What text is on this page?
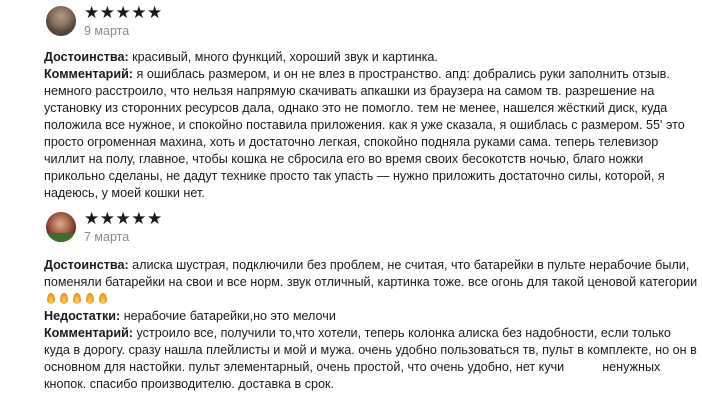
★★★★★
9 марта

Достоинства: красивый, много функций, хороший звук и картинка.

Комментарий: я ошиблась размером, и он не влез в пространство. апд: добрались руки заполнить отзыв. немного расстроило, что нельзя напрямую скачивать апкашки из браузера на самом тв. разрешение на установку из сторонних ресурсов дала, однако это не помогло. тем не менее, нашелся жёсткий диск, куда положила все нужное, и спокойно поставила приложения. как я уже сказала, я ошиблась с размером. 55' это просто огроменная махина, хоть и достаточно легкая, спокойно подняла руками сама. теперь телевизор чиллит на полу, главное, чтобы кошка не сбросила его во время своих бесокотств ночью, благо ножки прикольно сделаны, не дадут технике просто так упасть — нужно приложить достаточно силы, которой, я надеюсь, у моей кошки нет.

★★★★★
7 марта

Достоинства: алиска шустрая, подключили без проблем, не считая, что батарейки в пульте нерабочие были, поменяли батарейки на свои и все норм. звук отличный, картинка тоже. все огонь для такой ценовой категории

Недостатки: нерабочие батарейки,но это мелочи

Комментарий: устроило все, получили то,что хотели, теперь колонка алиска без надобности, если только куда в дорогу. сразу нашла плейлисты и мой и мужа. очень удобно пользоваться тв, пульт в комплекте, но он в основном для настойки. пульт элементарный, очень простой, что очень удобно, нет кучи	ненужных кнопок. спасибо производителю. доставка в срок.
